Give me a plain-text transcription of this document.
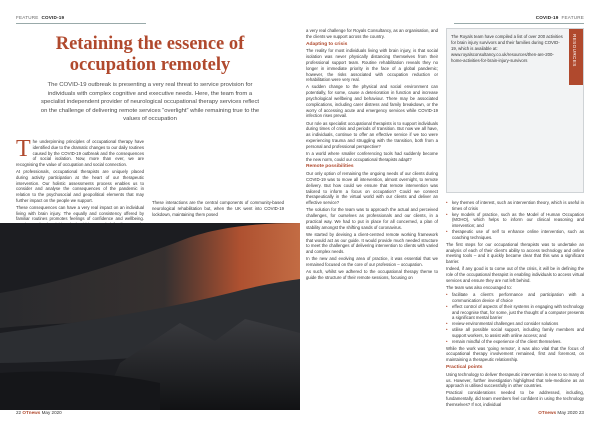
FEATURE COVID-19
Retaining the essence of occupation remotely

The COVID-19 outbreak is presenting a very real threat to service provision for individuals with complex cognitive and executive needs. Here, the team from a specialist independent provider of neurological occupational therapy services reflect on the challenge of delivering remote services “overlight” while remaining true to the values of occupation

The underpinning principles of occupational therapy have identified due to the dramatic changes to our daily routines caused by the COVID-19 outbreak and the consequences of social isolation. Now, more than ever, we are recognising the value of occupation and social connection.

At professionals, occupational therapists are uniquely placed during activity participation at the heart of our therapeutic intervention. Our holistic assessments process enables us to consider and analyse the consequences of the pandemic in relation to the psychosocial and geopolitical elements that may further impact on the people we support.

These consequences can have a very real impact on an individual living with brain injury. The equally and consistency offered by familiar routines promotes feelings of confidence and wellbeing.

These interactions are the central components of community-based neurological rehabilitation but, when the UK went into COVID-19 lockdown, maintaining them posed

22 OTnews May 2020
COVID-19 FEATURE

a very real challenge for Royals Consultancy, as an organisation, and the clients we support across the country.

Adapting to crisis

The reality for most individuals living with brain injury, is that social isolation was never physically distancing themselves from their professional support team. Routine rehabilitation reveals they no longer in immediate priority in the face of a global pandemic; however, the risks associated with occupation reduction or rehabilitation were very real.

A sudden change to the physical and social environment can potentially, for some, cause a deterioration in function and increase psychological wellbeing and behaviour. There may be associated complications, including carer distress and family breakdown, or the worry of accessing acute and emergency services while COVID-19 infection rises prevail.

Our role as specialist occupational therapists is to support individuals during times of crisis and periods of transition. But now we all have, as individuals, continue to offer an effective service if we too were experiencing trauma and struggling with the transition, both from a personal and professional perspective?

In a world where smaller conferencing tools had suddenly become the new norm, could our occupational therapists adapt?

Remote possibilities

Our only option of remaining the ongoing needs of our clients during COVID-19 was to move all intervention, almost overnight, to remote delivery. But how could we ensure that remote intervention was tailored to inform a focus on occupation? Could we connect therapeutically in the virtual world with our clients and deliver an effective service?

The solution for the team was to approach the actual and perceived challenges, for ourselves as professionals and our clients, in a practical way. We had to put in place for all concerned, a plan of stability amongst the shifting sands of coronavirus.

We started by devising a client-centred remote working framework that would act as our guide. It would provide much needed structure to meet the challenges of delivering intervention to clients with varied and complex needs.

In the new and evolving area of practice, it was essential that we remained focused on the core of our profession – occupation.

As such, whilst we adhered to the occupational therapy theme to guide the structure of their remote sessions, focusing on

The Royals team have compiled a list of over 200 activities for brain injury survivors and their families during COVID-19, which is available at: www.royalsconsultancy.co.uk/resources/then-are-200-home-activities-for-brain-injury-survivors	RESOURCES
• key themes of interest, such as intervention theory, which is useful in times of crisis
• key models of practice, such as the Model of Human Occupation (MOHO), which helps to inform our clinical reasoning and intervention; and
• therapeutic use of self to enhance online intervention, such as coaching techniques.

The first steps for our occupational therapists was to undertake an analysis of each of their client’s ability to access technology and online meeting tools – and it quickly became clear that this was a significant barrier.

Indeed, if any good is to come out of the crisis, it will be in defining the role of the occupational therapist in enabling individuals to access virtual services and ensure they are not left behind.

The team was also encouraged to:

• facilitate a client’s performance and participation with a communication device of choice
• effect control of aspects of their systems in engaging with technology and recognise that, for some, just the thought of a computer presents a significant mental barrier
• review environmental challenges and consider solutions
• utilise all possible social support, including family members and support workers, to assist with online access; and
• remain mindful of the experience of the client themselves.

While the work was ‘going remote’, it was also vital that the focus of occupational therapy involvement remained, first and foremost, on maintaining a therapeutic relationship.

Practical points

Using technology to deliver therapeutic intervention is new to so many of us. However, further investigation highlighted that tele-medicine as an approach is utilised successfully in other countries.

Practical considerations needed to be addressed, including, fundamentally, did team members feel confident in using the technology themselves? If not, individual

OTnews May 2020 23
